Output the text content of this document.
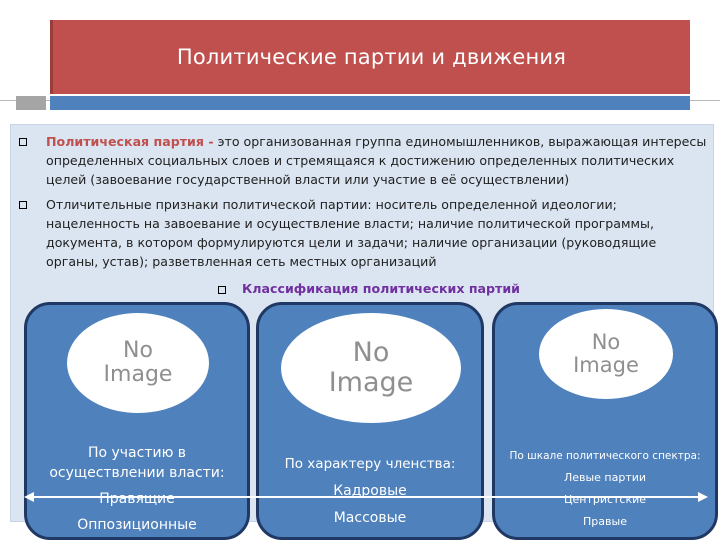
Политические партии и движения
Политическая партия - это организованная группа единомышленников, выражающая интересы определенных социальных слоев и стремящаяся к достижению определенных политических целей (завоевание государственной власти или участие в её осуществлении)
Отличительные признаки политической партии: носитель определенной идеологии; нацеленность на завоевание и осуществление власти; наличие политической программы, документа, в котором формулируются цели и задачи; наличие организации (руководящие органы, устав); разветвленная сеть местных организаций
Классификация политических партий
No
Image
По участию в осуществлении власти:
Правящие
Оппозиционные
No
Image
По характеру членства:
Кадровые
Массовые
No
Image
По шкале политического спектра:
Левые партии
Центристские
Правые
